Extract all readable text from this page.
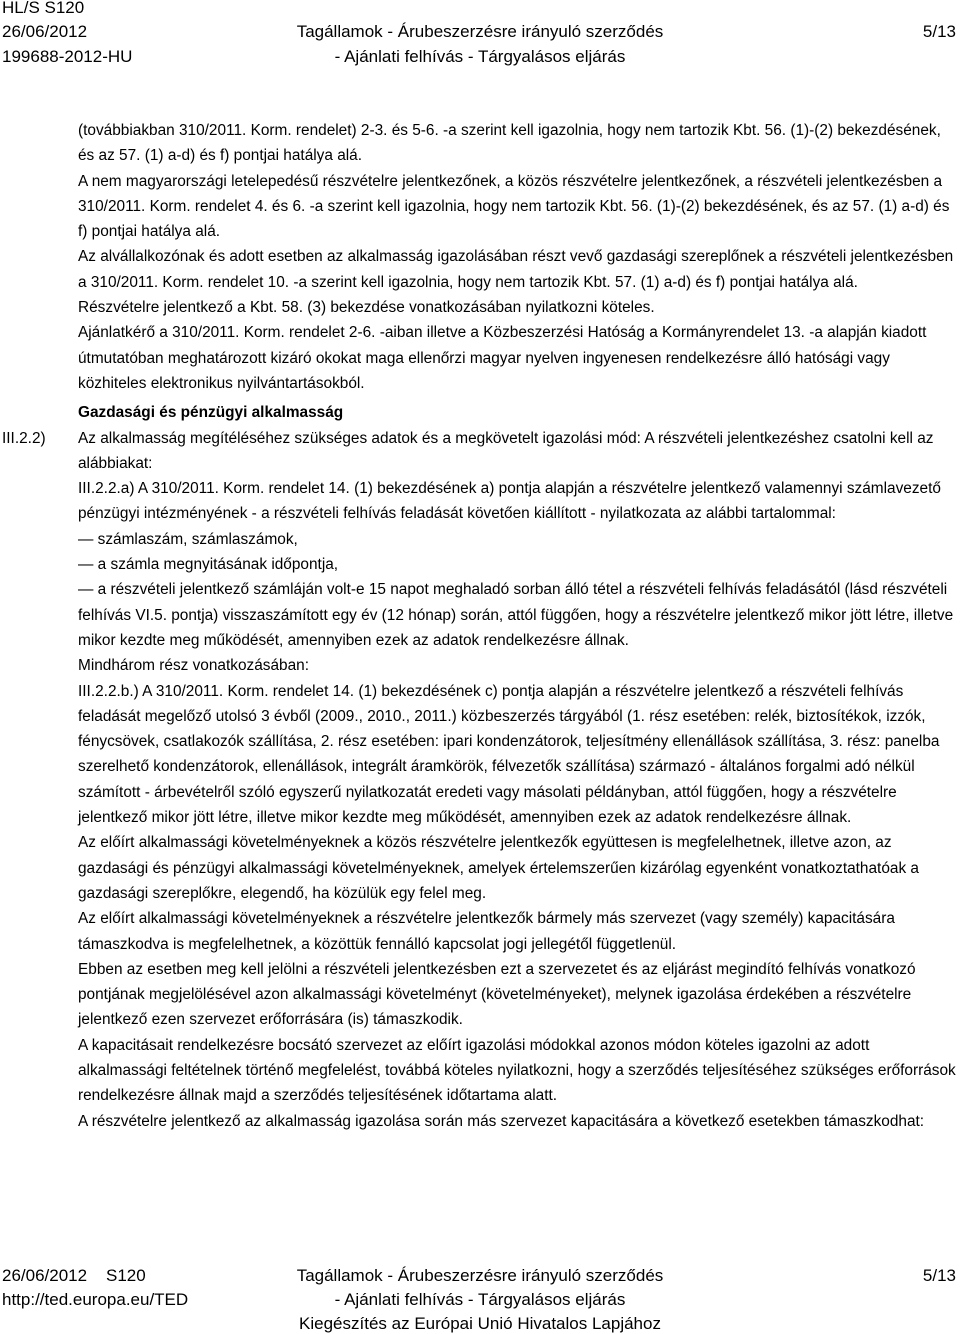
HL/S S120
26/06/2012
199688-2012-HU
Tagállamok - Árubeszerzésre irányuló szerződés
- Ajánlati felhívás - Tárgyalásos eljárás
5/13

(továbbiakban 310/2011. Korm. rendelet) 2-3. és 5-6. -a szerint kell igazolnia, hogy nem tartozik Kbt. 56. (1)-(2) bekezdésének, és az 57. (1) a-d) és f) pontjai hatálya alá.

A nem magyarországi letelepedésű részvételre jelentkezőnek, a közös részvételre jelentkezőnek, a részvételi jelentkezésben a 310/2011. Korm. rendelet 4. és 6. -a szerint kell igazolnia, hogy nem tartozik Kbt. 56. (1)-(2) bekezdésének, és az 57. (1) a-d) és f) pontjai hatálya alá.

Az alvállalkozónak és adott esetben az alkalmasság igazolásában részt vevő gazdasági szereplőnek a részvételi jelentkezésben a 310/2011. Korm. rendelet 10. -a szerint kell igazolnia, hogy nem tartozik Kbt. 57. (1) a-d) és f) pontjai hatálya alá.

Részvételre jelentkező a Kbt. 58. (3) bekezdése vonatkozásában nyilatkozni köteles.

Ajánlatkérő a 310/2011. Korm. rendelet 2-6. -aiban illetve a Közbeszerzési Hatóság a Kormányrendelet 13. -a alapján kiadott útmutatóban meghatározott kizáró okokat maga ellenőrzi magyar nyelven ingyenesen rendelkezésre álló hatósági vagy közhiteles elektronikus nyilvántartásokból.

Gazdasági és pénzügyi alkalmasság

Az alkalmasság megítéléséhez szükséges adatok és a megkövetelt igazolási mód: A részvételi jelentkezéshez csatolni kell az alábbiakat:

III.2.2.a) A 310/2011. Korm. rendelet 14. (1) bekezdésének a) pontja alapján a részvételre jelentkező valamennyi számlavezető pénzügyi intézményének - a részvételi felhívás feladását követően kiállított - nyilatkozata az alábbi tartalommal:

— számlaszám, számlaszámok,

— a számla megnyitásának időpontja,

— a részvételi jelentkező számláján volt-e 15 napot meghaladó sorban álló tétel a részvételi felhívás feladásától (lásd részvételi felhívás VI.5. pontja) visszaszámított egy év (12 hónap) során, attól függően, hogy a részvételre jelentkező mikor jött létre, illetve mikor kezdte meg működését, amennyiben ezek az adatok rendelkezésre állnak.

Mindhárom rész vonatkozásában:

III.2.2.b.) A 310/2011. Korm. rendelet 14. (1) bekezdésének c) pontja alapján a részvételre jelentkező a részvételi felhívás feladását megelőző utolsó 3 évből (2009., 2010., 2011.) közbeszerzés tárgyából (1. rész esetében: relék, biztosítékok, izzók, fénycsövek, csatlakozók szállítása, 2. rész esetében: ipari kondenzátorok, teljesítmény ellenállások szállítása, 3. rész: panelba szerelhető kondenzátorok, ellenállások, integrált áramkörök, félvezetők szállítása) származó - általános forgalmi adó nélkül számított - árbevételről szóló egyszerű nyilatkozatát eredeti vagy másolati példányban, attól függően, hogy a részvételre jelentkező mikor jött létre, illetve mikor kezdte meg működését, amennyiben ezek az adatok rendelkezésre állnak.

Az előírt alkalmassági követelményeknek a közös részvételre jelentkezők együttesen is megfelelhetnek, illetve azon, az gazdasági és pénzügyi alkalmassági követelményeknek, amelyek értelemszerűen kizárólag egyenként vonatkoztathatóak a gazdasági szereplőkre, elegendő, ha közülük egy felel meg.

Az előírt alkalmassági követelményeknek a részvételre jelentkezők bármely más szervezet (vagy személy) kapacitására támaszkodva is megfelelhetnek, a közöttük fennálló kapcsolat jogi jellegétől függetlenül.

Ebben az esetben meg kell jelölni a részvételi jelentkezésben ezt a szervezetet és az eljárást megindító felhívás vonatkozó pontjának megjelölésével azon alkalmassági követelményt (követelményeket), melynek igazolása érdekében a részvételre jelentkező ezen szervezet erőforrására (is) támaszkodik.

A kapacitásait rendelkezésre bocsátó szervezet az előírt igazolási módokkal azonos módon köteles igazolni az adott alkalmassági feltételnek történő megfelelést, továbbá köteles nyilatkozni, hogy a szerződés teljesítéséhez szükséges erőforrások rendelkezésre állnak majd a szerződés teljesítésének időtartama alatt.

A részvételre jelentkező az alkalmasság igazolása során más szervezet kapacitására a következő esetekben támaszkodhat:

III.2.2)
26/06/2012 S120
http://ted.europa.eu/TED
Tagállamok - Árubeszerzésre irányuló szerződés
- Ajánlati felhívás - Tárgyalásos eljárás
Kiegészítés az Európai Unió Hivatalos Lapjához
5/13
